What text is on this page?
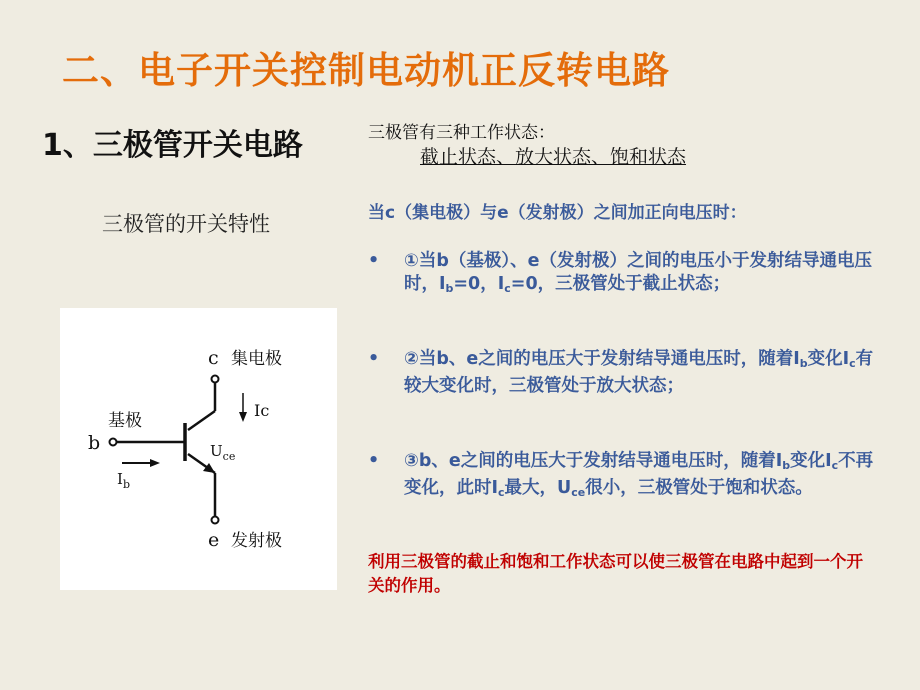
二、电子开关控制电动机正反转电路
1、三极管开关电路
三极管的开关特性
c 集电极
基极
b
Ic
$U_{ce}$
$I_b$
e 发射极
三极管有三种工作状态：
截止状态、放大状态、饱和状态
当c（集电极）与e（发射极）之间加正向电压时：
•	①当b（基极）、e（发射极）之间的电压小于发射结导通电压时，$I_b=0$，$I_c=0$，三极管处于截止状态；
•	②当b、e之间的电压大于发射结导通电压时，随着$I_b$变化$I_c$有较大变化时，三极管处于放大状态；
•	③b、e之间的电压大于发射结导通电压时，随着$I_b$变化$I_c$不再变化，此时$I_c$最大，$U_{ce}$很小，三极管处于饱和状态。
利用三极管的截止和饱和工作状态可以使三极管在电路中起到一个开关的作用。
